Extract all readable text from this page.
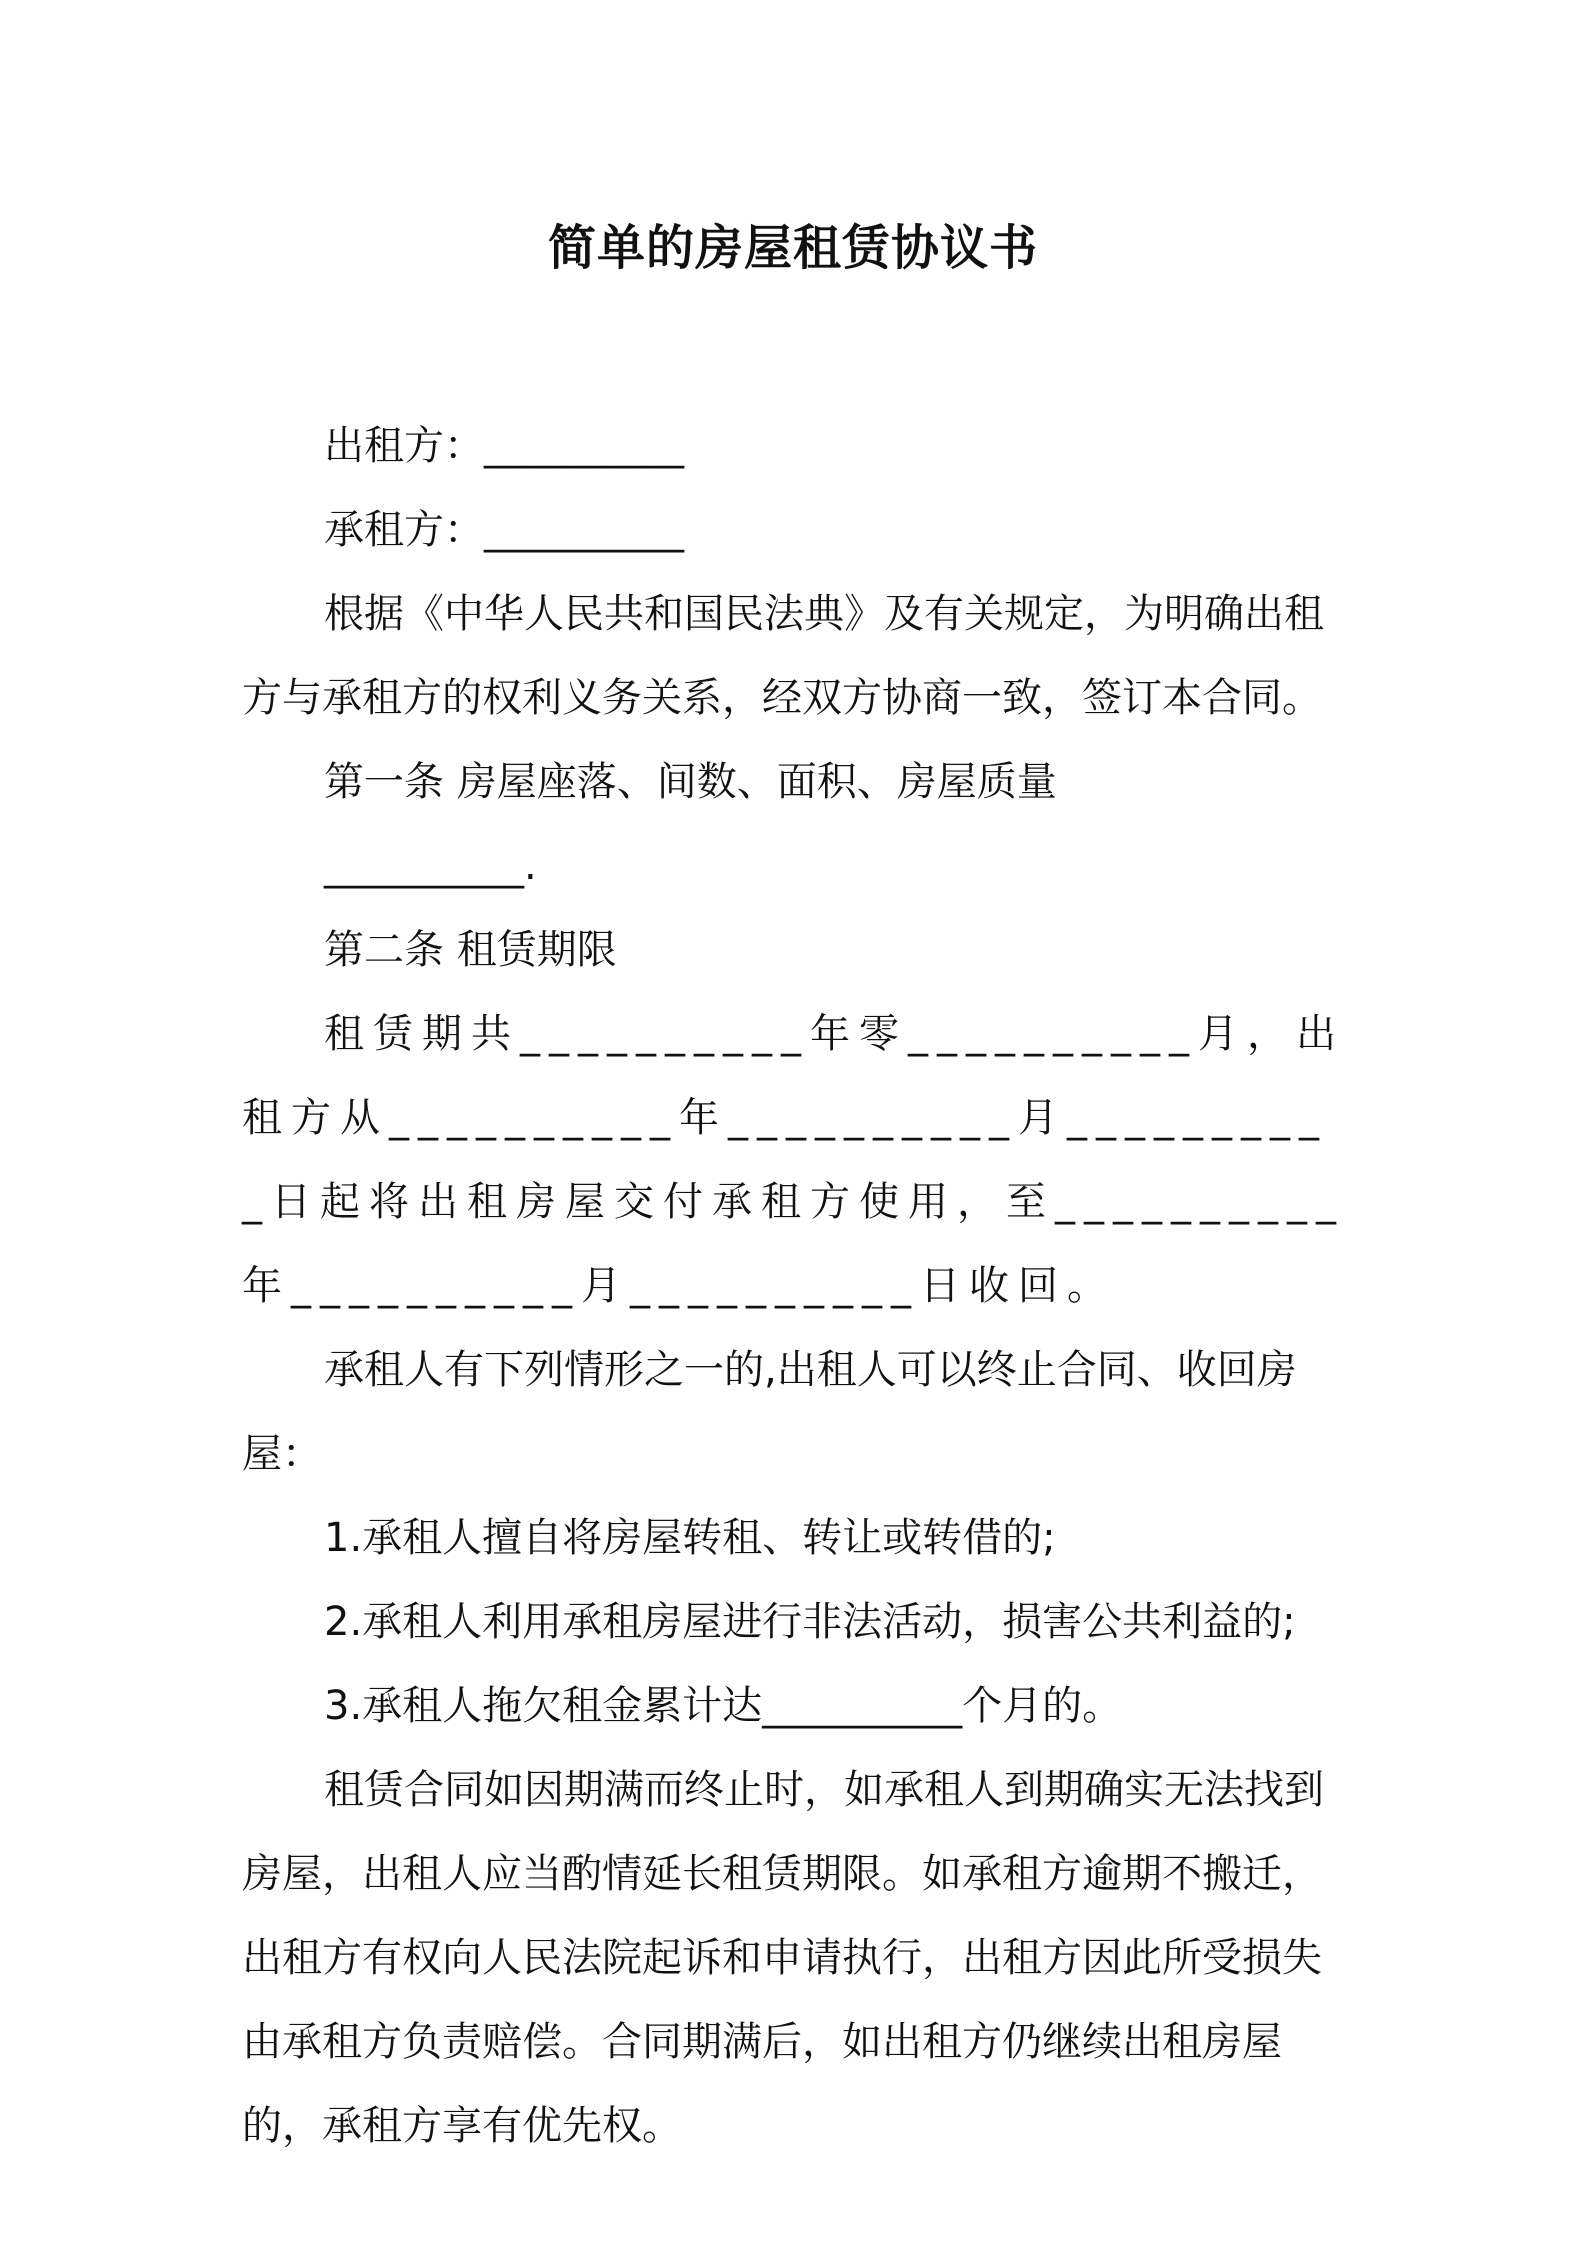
简单的房屋租赁协议书

出租方：__________

承租方：__________

根据《中华人民共和国民法典》及有关规定，为明确出租方与承租方的权利义务关系，经双方协商一致，签订本合同。

第一条 房屋座落、间数、面积、房屋质量

__________.

第二条 租赁期限

租赁期共__________年零__________月，出租方从__________年__________月__________日起将出租房屋交付承租方使用，至__________年__________月__________日收回。

承租人有下列情形之一的,出租人可以终止合同、收回房屋：

1.承租人擅自将房屋转租、转让或转借的;

2.承租人利用承租房屋进行非法活动，损害公共利益的;

3.承租人拖欠租金累计达__________个月的。

租赁合同如因期满而终止时，如承租人到期确实无法找到房屋，出租人应当酌情延长租赁期限。如承租方逾期不搬迁，出租方有权向人民法院起诉和申请执行，出租方因此所受损失由承租方负责赔偿。合同期满后，如出租方仍继续出租房屋的，承租方享有优先权。
